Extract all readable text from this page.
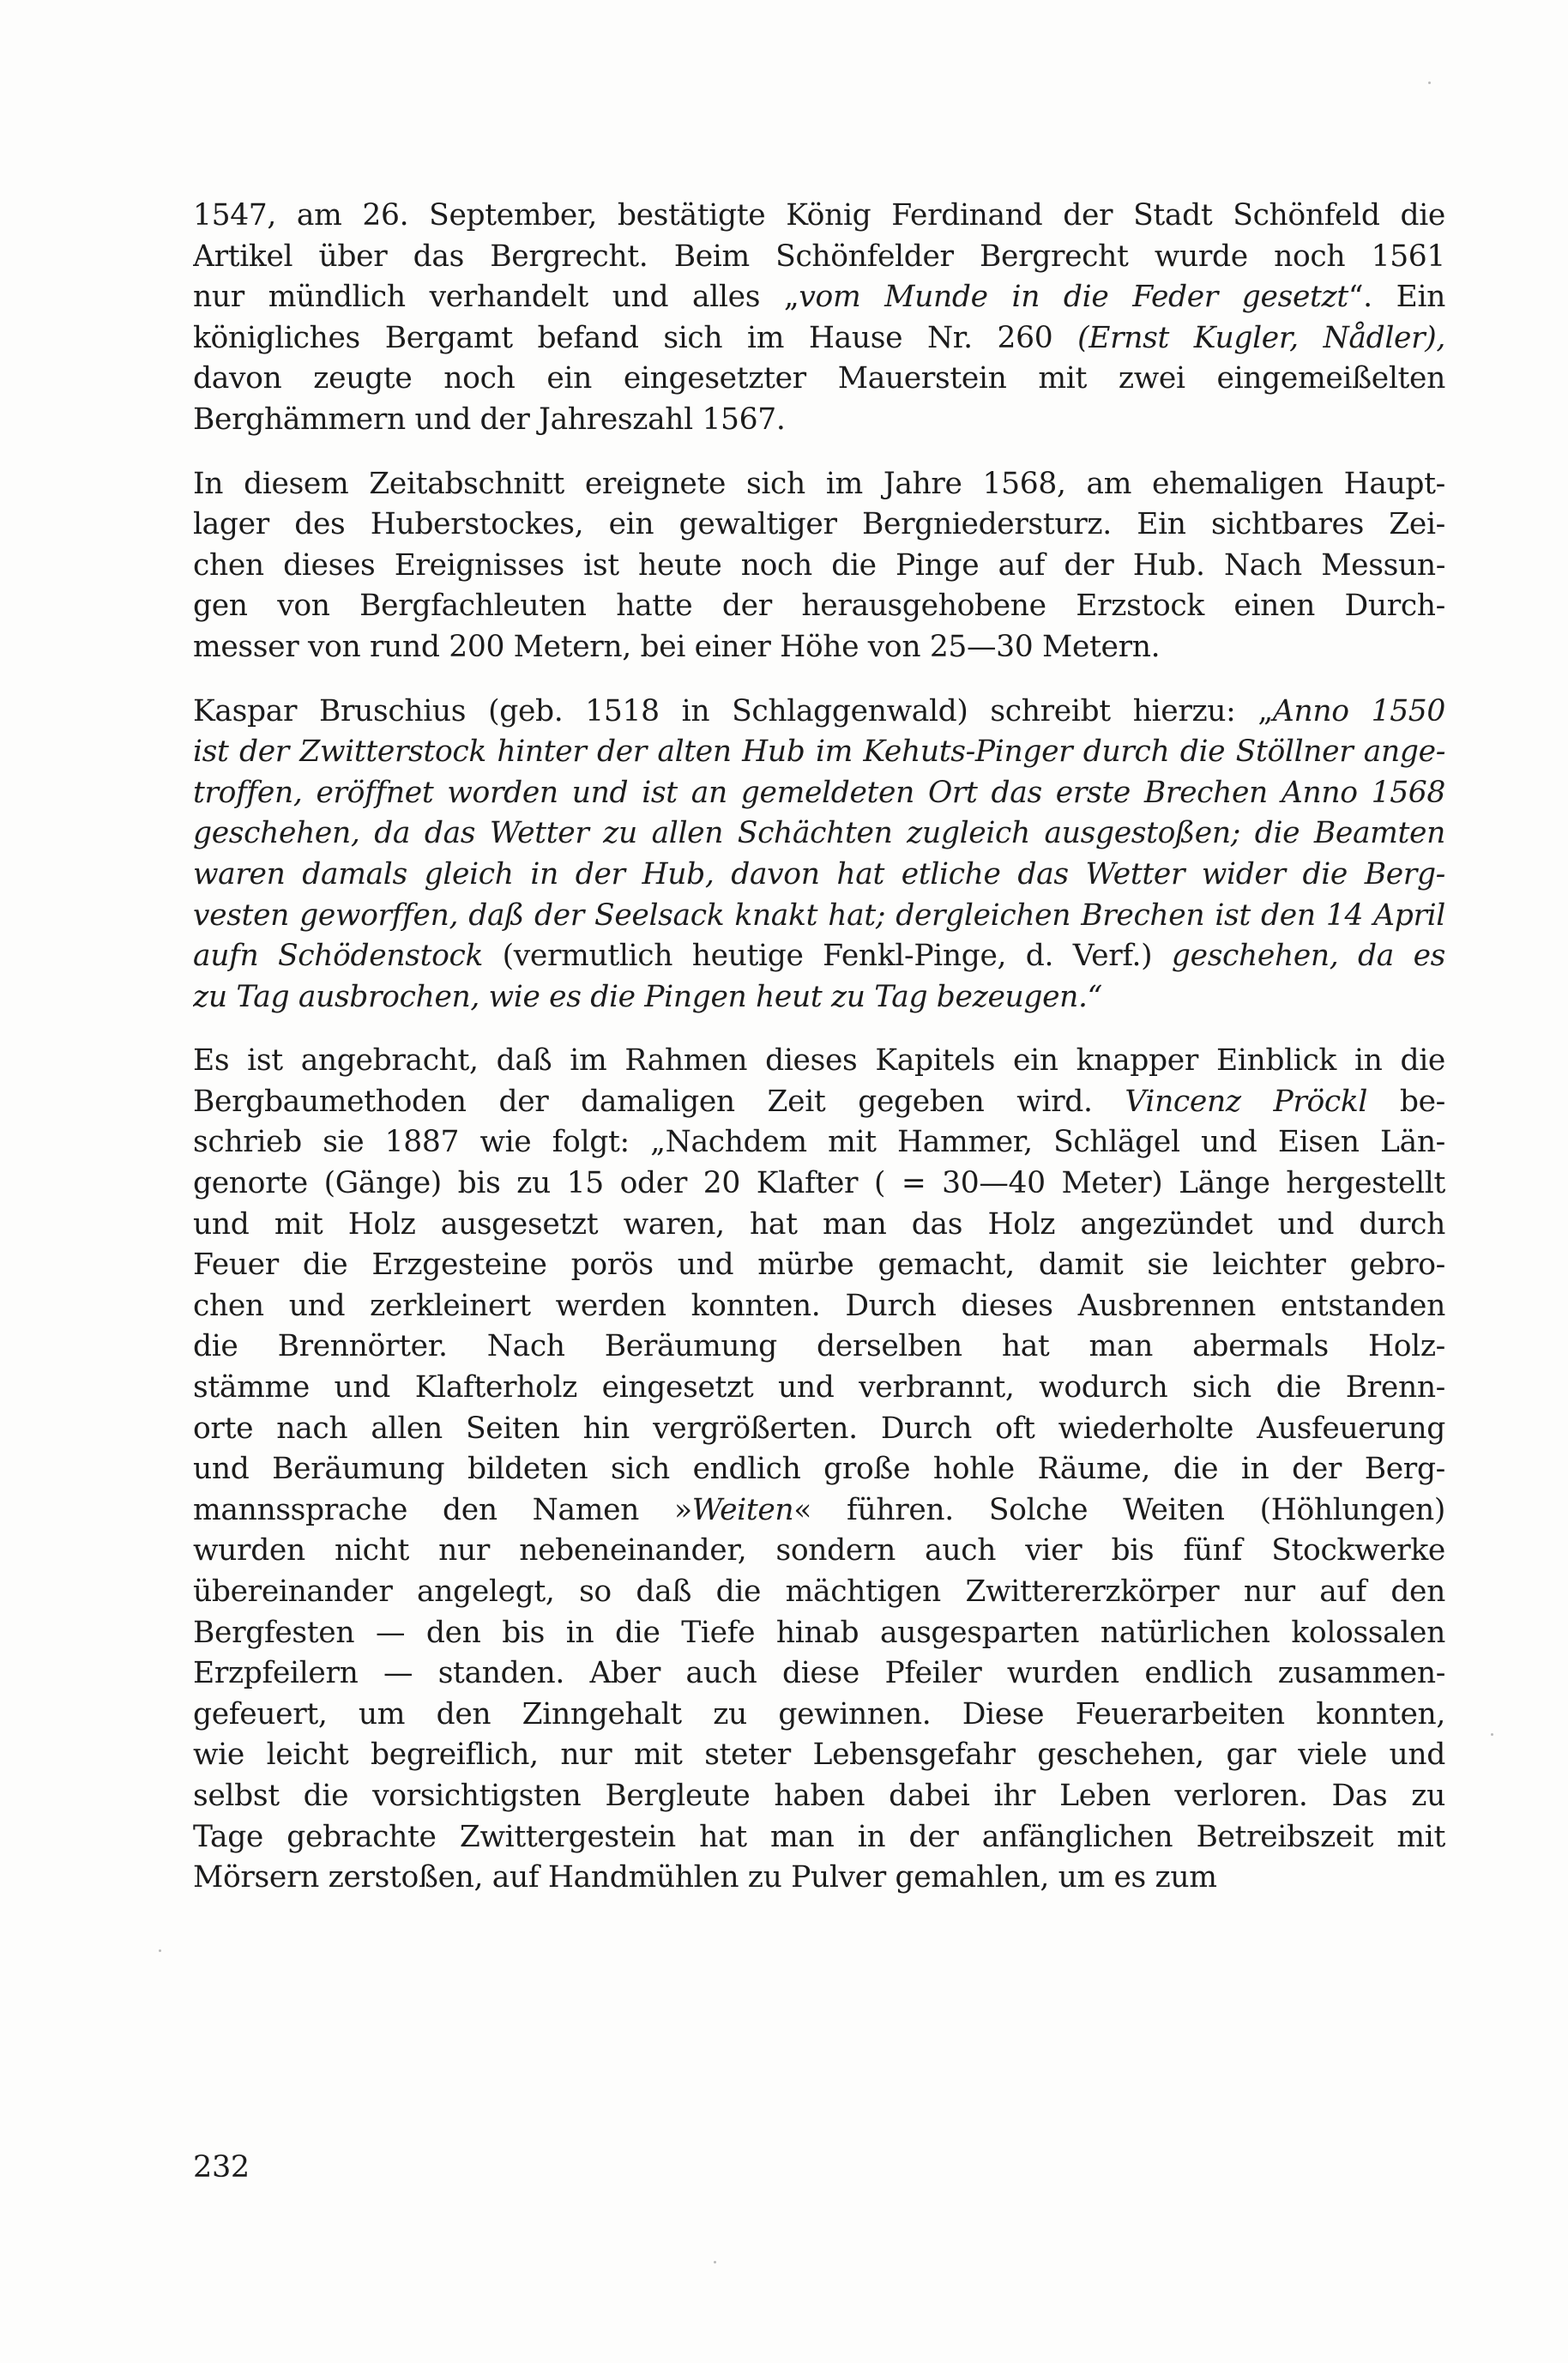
1547, am 26. September, bestätigte König Ferdinand der Stadt Schönfeld die
Artikel über das Bergrecht. Beim Schönfelder Bergrecht wurde noch 1561
nur mündlich verhandelt und alles „vom Munde in die Feder gesetzt“. Ein
königliches Bergamt befand sich im Hause Nr. 260 (Ernst Kugler, Nådler),
davon zeugte noch ein eingesetzter Mauerstein mit zwei eingemeißelten
Berghämmern und der Jahreszahl 1567.

In diesem Zeitabschnitt ereignete sich im Jahre 1568, am ehemaligen Haupt-
lager des Huberstockes, ein gewaltiger Bergniedersturz. Ein sichtbares Zei-
chen dieses Ereignisses ist heute noch die Pinge auf der Hub. Nach Messun-
gen von Bergfachleuten hatte der herausgehobene Erzstock einen Durch-
messer von rund 200 Metern, bei einer Höhe von 25—30 Metern.

Kaspar Bruschius (geb. 1518 in Schlaggenwald) schreibt hierzu: „Anno 1550
ist der Zwitterstock hinter der alten Hub im Kehuts-Pinger durch die Stöllner ange-
troffen, eröffnet worden und ist an gemeldeten Ort das erste Brechen Anno 1568
geschehen, da das Wetter zu allen Schächten zugleich ausgestoßen; die Beamten
waren damals gleich in der Hub, davon hat etliche das Wetter wider die Berg-
vesten geworffen, daß der Seelsack knakt hat; dergleichen Brechen ist den 14 April
aufn Schödenstock (vermutlich heutige Fenkl-Pinge, d. Verf.) geschehen, da es
zu Tag ausbrochen, wie es die Pingen heut zu Tag bezeugen.“

Es ist angebracht, daß im Rahmen dieses Kapitels ein knapper Einblick in die
Bergbaumethoden der damaligen Zeit gegeben wird. Vincenz Pröckl be-
schrieb sie 1887 wie folgt: „Nachdem mit Hammer, Schlägel und Eisen Län-
genorte (Gänge) bis zu 15 oder 20 Klafter ( = 30—40 Meter) Länge hergestellt
und mit Holz ausgesetzt waren, hat man das Holz angezündet und durch
Feuer die Erzgesteine porös und mürbe gemacht, damit sie leichter gebro-
chen und zerkleinert werden konnten. Durch dieses Ausbrennen entstanden
die Brennörter. Nach Beräumung derselben hat man abermals Holz-
stämme und Klafterholz eingesetzt und verbrannt, wodurch sich die Brenn-
orte nach allen Seiten hin vergrößerten. Durch oft wiederholte Ausfeuerung
und Beräumung bildeten sich endlich große hohle Räume, die in der Berg-
mannssprache den Namen »Weiten« führen. Solche Weiten (Höhlungen)
wurden nicht nur nebeneinander, sondern auch vier bis fünf Stockwerke
übereinander angelegt, so daß die mächtigen Zwittererzkörper nur auf den
Bergfesten — den bis in die Tiefe hinab ausgesparten natürlichen kolossalen
Erzpfeilern — standen. Aber auch diese Pfeiler wurden endlich zusammen-
gefeuert, um den Zinngehalt zu gewinnen. Diese Feuerarbeiten konnten,
wie leicht begreiflich, nur mit steter Lebensgefahr geschehen, gar viele und
selbst die vorsichtigsten Bergleute haben dabei ihr Leben verloren. Das zu
Tage gebrachte Zwittergestein hat man in der anfänglichen Betreibszeit mit
Mörsern zerstoßen, auf Handmühlen zu Pulver gemahlen, um es zum

232
